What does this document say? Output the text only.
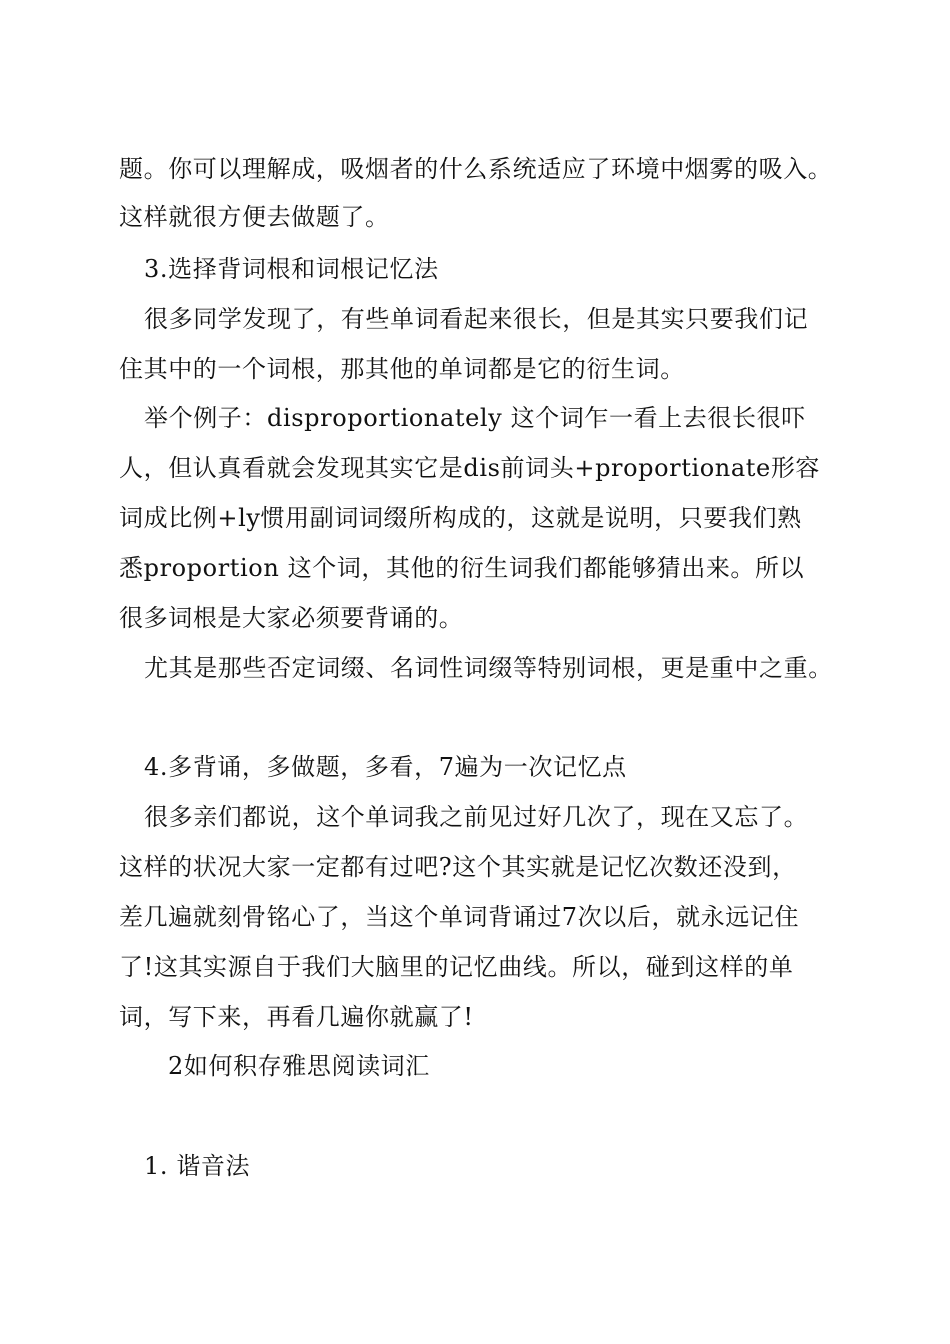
题。你可以理解成，吸烟者的什么系统适应了环境中烟雾的吸入。
这样就很方便去做题了。
3.选择背词根和词根记忆法
很多同学发现了，有些单词看起来很长，但是其实只要我们记
住其中的一个词根，那其他的单词都是它的衍生词。
举个例子：disproportionately 这个词乍一看上去很长很吓
人，但认真看就会发现其实它是dis前词头+proportionate形容
词成比例+ly惯用副词词缀所构成的，这就是说明，只要我们熟
悉proportion 这个词，其他的衍生词我们都能够猜出来。所以
很多词根是大家必须要背诵的。
尤其是那些否定词缀、名词性词缀等特别词根，更是重中之重。
4.多背诵，多做题，多看，7遍为一次记忆点
很多亲们都说，这个单词我之前见过好几次了，现在又忘了。
这样的状况大家一定都有过吧?这个其实就是记忆次数还没到，
差几遍就刻骨铭心了，当这个单词背诵过7次以后，就永远记住
了!这其实源自于我们大脑里的记忆曲线。所以，碰到这样的单
词，写下来，再看几遍你就赢了!
2如何积存雅思阅读词汇
1. 谐音法
